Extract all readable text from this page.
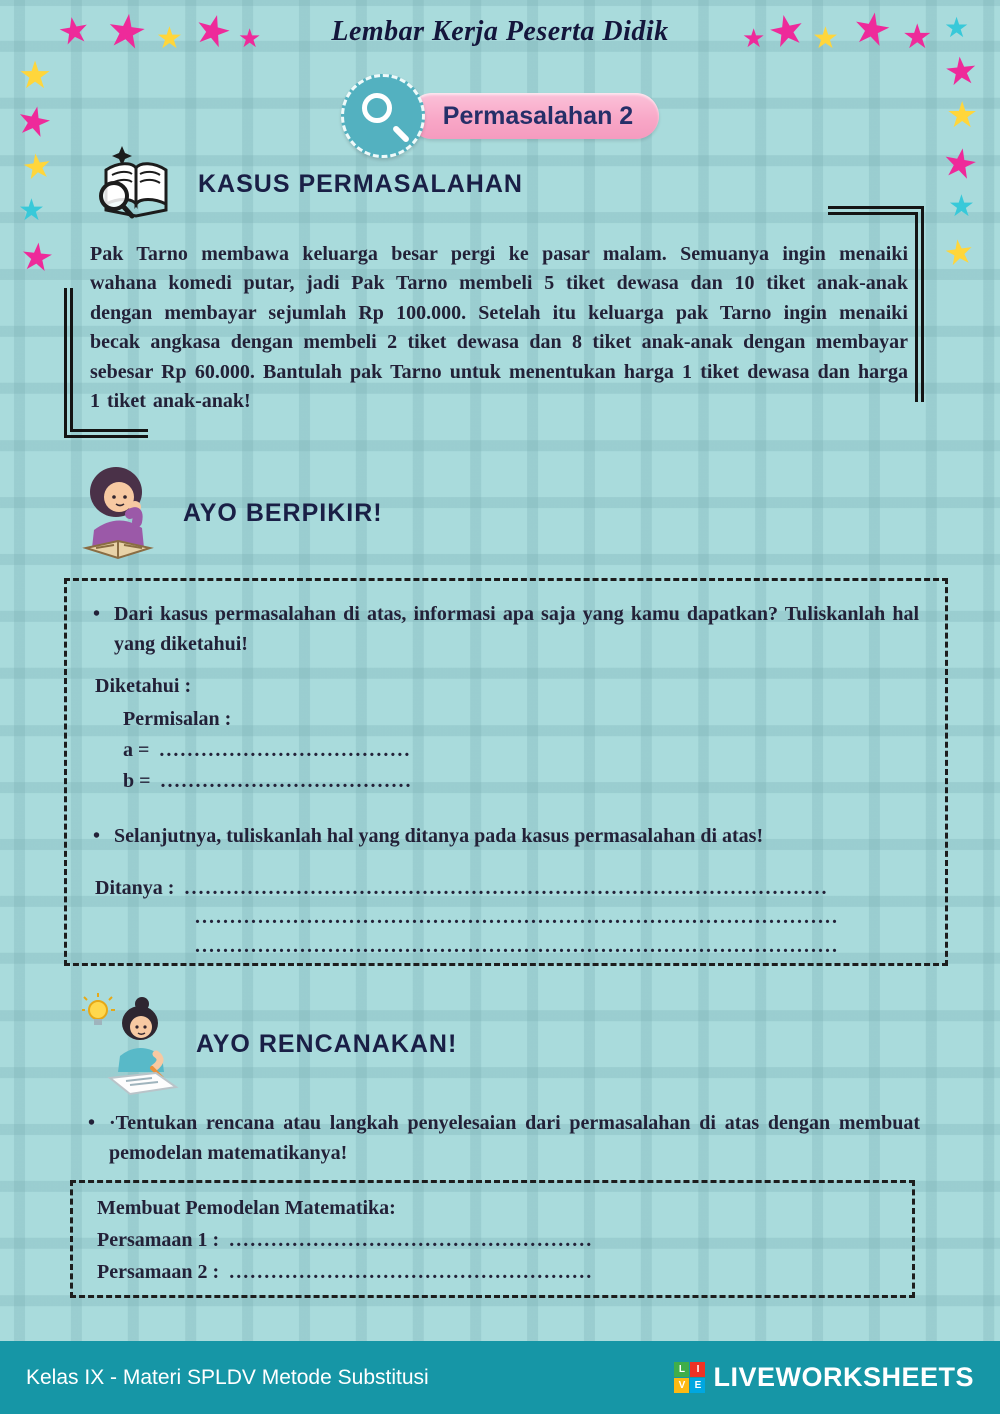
★ ★ ★ ★ ★	★
★ ★ ★ ★ ★
★
★
★
★
★
★
★
★
★
★
Lembar Kerja Peserta Didik
Permasalahan 2
KASUS PERMASALAHAN

Pak Tarno membawa keluarga besar pergi ke pasar malam. Semuanya ingin menaiki wahana komedi putar, jadi Pak Tarno membeli 5 tiket dewasa dan 10 tiket anak-anak dengan membayar sejumlah Rp 100.000. Setelah itu keluarga pak Tarno ingin menaiki becak angkasa dengan membeli 2 tiket dewasa dan 8 tiket anak-anak dengan membayar sebesar Rp 60.000. Bantulah pak Tarno untuk menentukan harga 1 tiket dewasa dan harga 1 tiket anak-anak!

AYO BERPIKIR!
• Dari kasus permasalahan di atas, informasi apa saja yang kamu dapatkan? Tuliskanlah hal yang diketahui!

Diketahui :

Permisalan :

a = ....................................
b = ....................................
• Selanjutnya, tuliskanlah hal yang ditanya pada kasus permasalahan di atas!

Ditanya : ............................................................................................
............................................................................................ ............................................................................................
AYO RENCANAKAN!
• ·Tentukan rencana atau langkah penyelesaian dari permasalahan di atas dengan membuat pemodelan matematikanya!

Membuat Pemodelan Matematika:

Persamaan 1 : ....................................................
Persamaan 2 : ....................................................
Kelas IX - Materi SPLDV Metode Substitusi	L	I
V E LIVEWORKSHEETS
